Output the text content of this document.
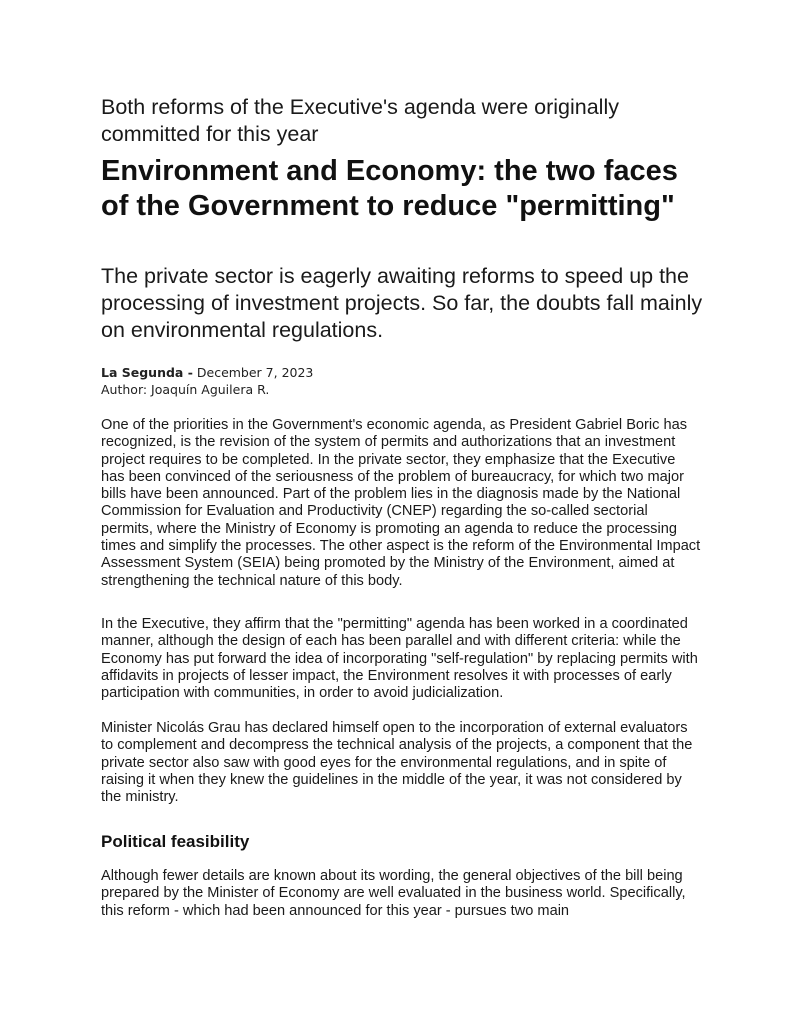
Both reforms of the Executive's agenda were originally committed for this year
Environment and Economy: the two faces of the Government to reduce "permitting"
The private sector is eagerly awaiting reforms to speed up the processing of investment projects. So far, the doubts fall mainly on environmental regulations.
La Segunda - December 7, 2023
Author: Joaquín Aguilera R.

One of the priorities in the Government's economic agenda, as President Gabriel Boric has recognized, is the revision of the system of permits and authorizations that an investment project requires to be completed. In the private sector, they emphasize that the Executive has been convinced of the seriousness of the problem of bureaucracy, for which two major bills have been announced. Part of the problem lies in the diagnosis made by the National Commission for Evaluation and Productivity (CNEP) regarding the so-called sectorial permits, where the Ministry of Economy is promoting an agenda to reduce the processing times and simplify the processes. The other aspect is the reform of the Environmental Impact Assessment System (SEIA) being promoted by the Ministry of the Environment, aimed at strengthening the technical nature of this body.

In the Executive, they affirm that the "permitting" agenda has been worked in a coordinated manner, although the design of each has been parallel and with different criteria: while the Economy has put forward the idea of incorporating "self-regulation" by replacing permits with affidavits in projects of lesser impact, the Environment resolves it with processes of early participation with communities, in order to avoid judicialization.

Minister Nicolás Grau has declared himself open to the incorporation of external evaluators to complement and decompress the technical analysis of the projects, a component that the private sector also saw with good eyes for the environmental regulations, and in spite of raising it when they knew the guidelines in the middle of the year, it was not considered by the ministry.

Political feasibility

Although fewer details are known about its wording, the general objectives of the bill being prepared by the Minister of Economy are well evaluated in the business world. Specifically, this reform - which had been announced for this year - pursues two main
